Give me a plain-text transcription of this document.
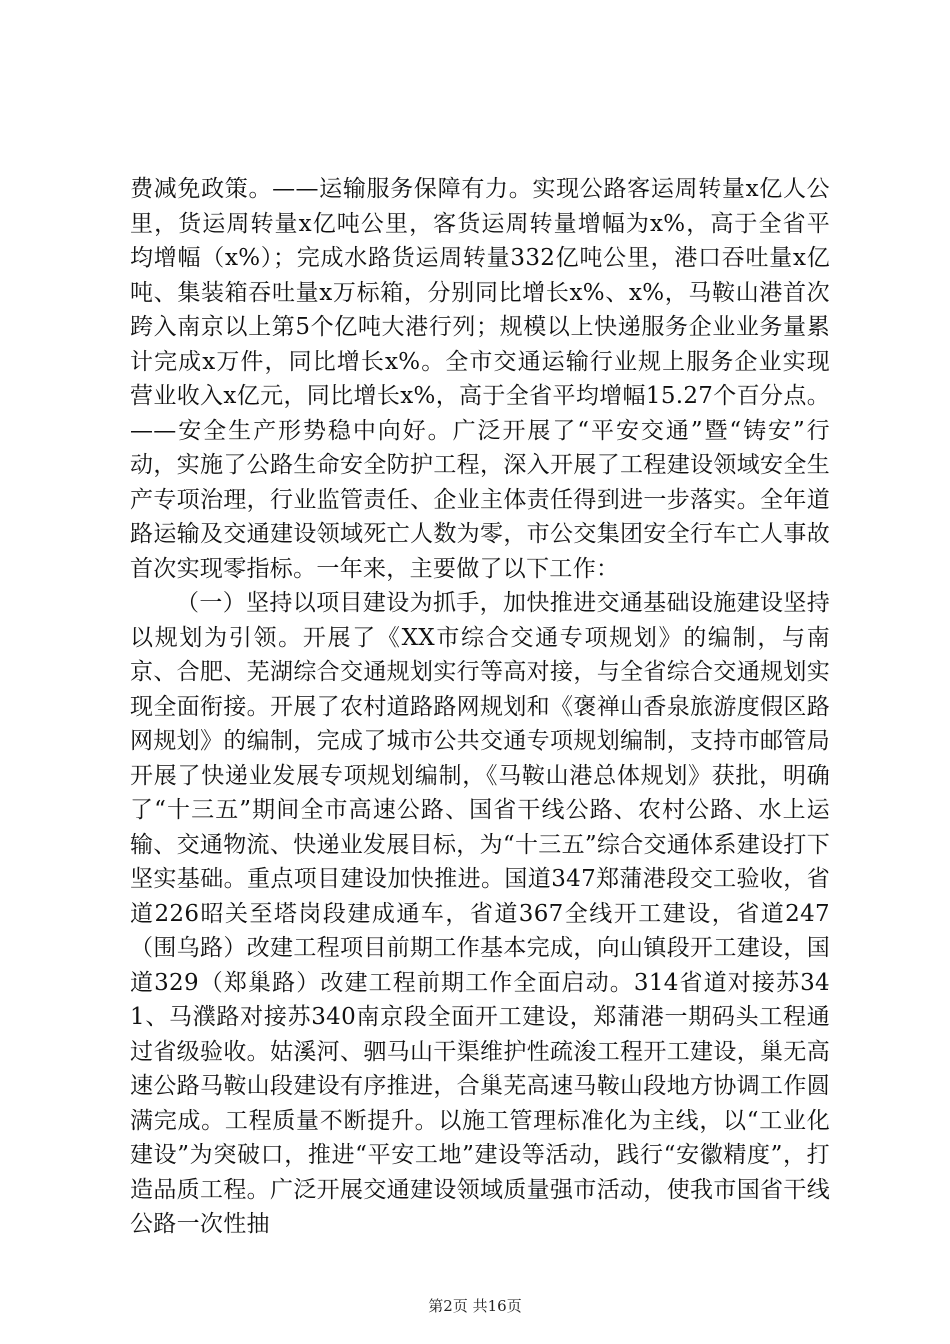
费减免政策。——运输服务保障有力。实现公路客运周转量x亿人公里，货运周转量x亿吨公里，客货运周转量增幅为x%，高于全省平均增幅（x%）；完成水路货运周转量332亿吨公里，港口吞吐量x亿吨、集装箱吞吐量x万标箱，分别同比增长x%、x%，马鞍山港首次跨入南京以上第5个亿吨大港行列；规模以上快递服务企业业务量累计完成x万件，同比增长x%。全市交通运输行业规上服务企业实现营业收入x亿元，同比增长x%，高于全省平均增幅15.27个百分点。——安全生产形势稳中向好。广泛开展了“平安交通”暨“铸安”行动，实施了公路生命安全防护工程，深入开展了工程建设领域安全生产专项治理，行业监管责任、企业主体责任得到进一步落实。全年道路运输及交通建设领域死亡人数为零，市公交集团安全行车亡人事故首次实现零指标。一年来，主要做了以下工作：

（一）坚持以项目建设为抓手，加快推进交通基础设施建设坚持以规划为引领。开展了《XX市综合交通专项规划》的编制，与南京、合肥、芜湖综合交通规划实行等高对接，与全省综合交通规划实现全面衔接。开展了农村道路路网规划和《褒禅山香泉旅游度假区路网规划》的编制，完成了城市公共交通专项规划编制，支持市邮管局开展了快递业发展专项规划编制，《马鞍山港总体规划》获批，明确了“十三五”期间全市高速公路、国省干线公路、农村公路、水上运输、交通物流、快递业发展目标，为“十三五”综合交通体系建设打下坚实基础。重点项目建设加快推进。国道347郑蒲港段交工验收，省道226昭关至塔岗段建成通车，省道367全线开工建设，省道247（围乌路）改建工程项目前期工作基本完成，向山镇段开工建设，国道329（郑巢路）改建工程前期工作全面启动。314省道对接苏341、马濮路对接苏340南京段全面开工建设，郑蒲港一期码头工程通过省级验收。姑溪河、驷马山干渠维护性疏浚工程开工建设，巢无高速公路马鞍山段建设有序推进，合巢芜高速马鞍山段地方协调工作圆满完成。工程质量不断提升。以施工管理标准化为主线，以“工业化建设”为突破口，推进“平安工地”建设等活动，践行“安徽精度”，打造品质工程。广泛开展交通建设领域质量强市活动，使我市国省干线公路一次性抽

第2页 共16页
